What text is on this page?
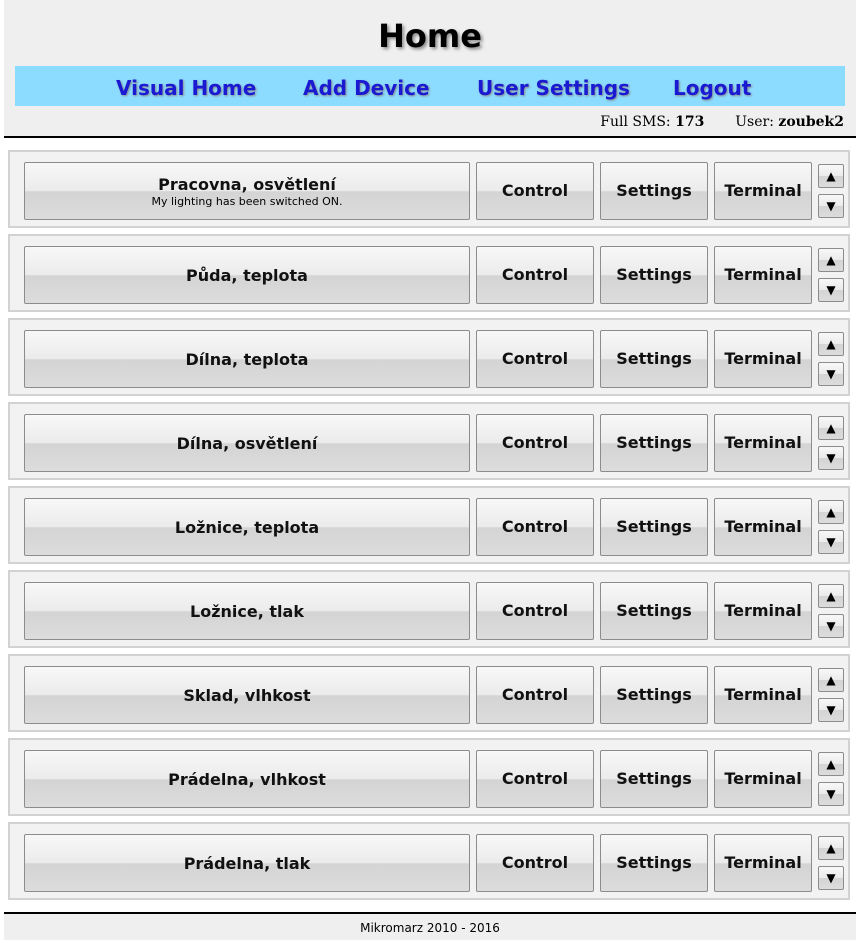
Home
Visual Home Add Device User Settings Logout
Full SMS: 173 User: zoubek2
Pracovna, osvětlení
My lighting has been switched ON.
Control	Settings	Terminal
▲
▼
Půda, teplota	Control	Settings	Terminal
▲
▼
Dílna, teplota	Control	Settings	Terminal
▲
▼
Dílna, osvětlení	Control	Settings	Terminal
▲
▼
Ložnice, teplota	Control	Settings	Terminal
▲
▼
Ložnice, tlak	Control	Settings	Terminal
▲
▼
Sklad, vlhkost	Control	Settings	Terminal
▲
▼
Prádelna, vlhkost	Control	Settings	Terminal
▲
▼
Prádelna, tlak	Control	Settings	Terminal
▲
▼
Mikromarz 2010 - 2016
